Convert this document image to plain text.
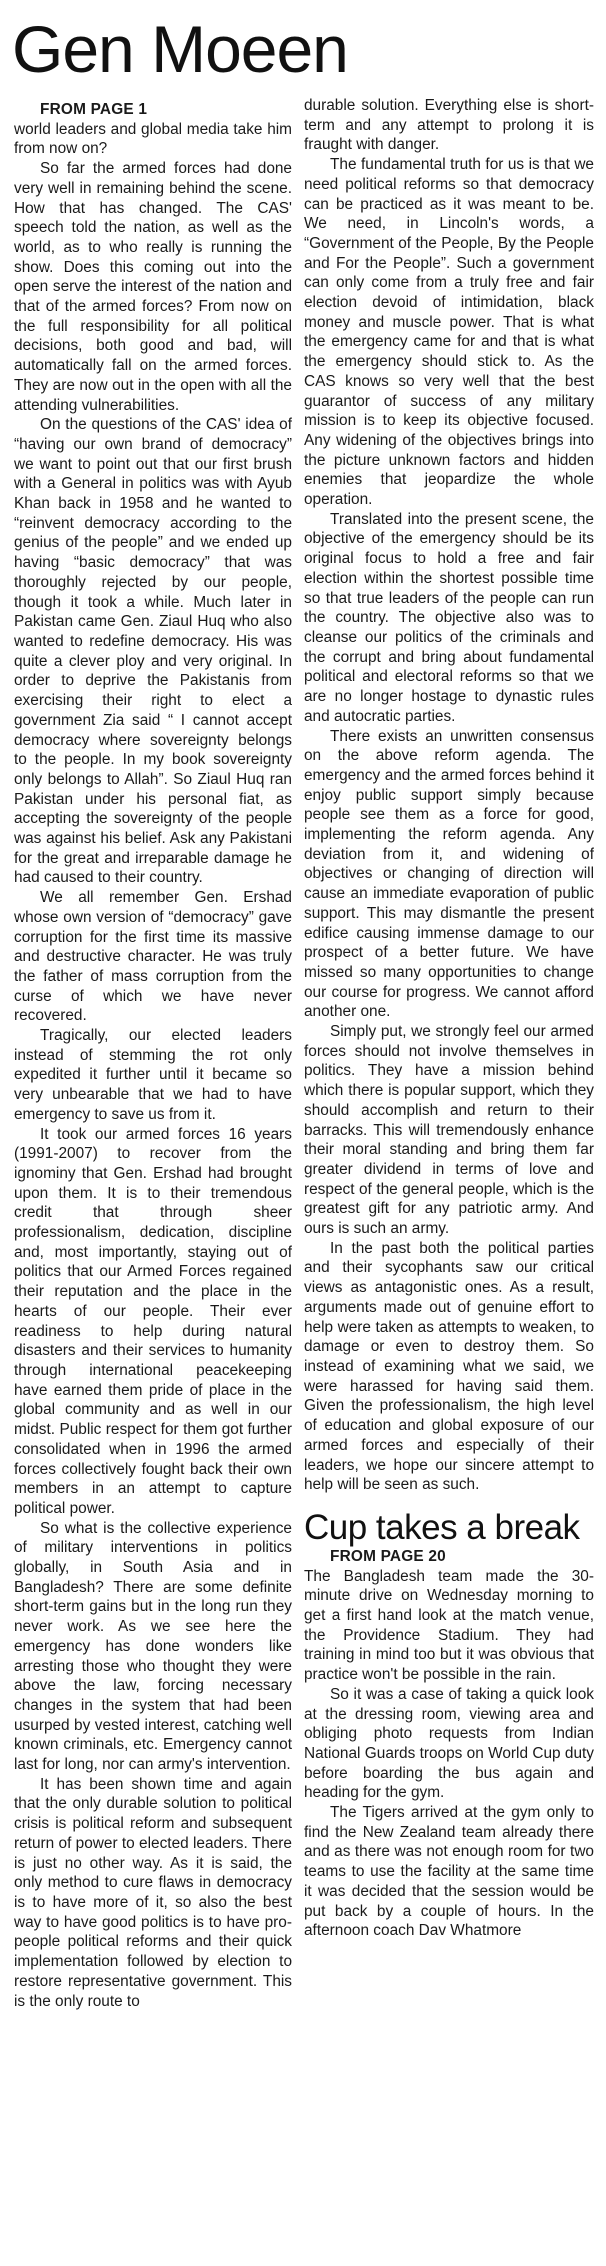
Gen Moeen

FROM PAGE 1

world leaders and global media take him from now on?

So far the armed forces had done very well in remaining behind the scene. How that has changed. The CAS' speech told the nation, as well as the world, as to who really is running the show. Does this coming out into the open serve the interest of the nation and that of the armed forces? From now on the full responsibility for all political decisions, both good and bad, will automatically fall on the armed forces. They are now out in the open with all the attending vulnerabilities.

On the questions of the CAS' idea of “having our own brand of democracy” we want to point out that our first brush with a General in politics was with Ayub Khan back in 1958 and he wanted to “reinvent democracy according to the genius of the people” and we ended up having “basic democracy” that was thoroughly rejected by our people, though it took a while. Much later in Pakistan came Gen. Ziaul Huq who also wanted to redefine democracy. His was quite a clever ploy and very original. In order to deprive the Pakistanis from exercising their right to elect a government Zia said “ I cannot accept democracy where sovereignty belongs to the people. In my book sovereignty only belongs to Allah”. So Ziaul Huq ran Pakistan under his personal fiat, as accepting the sovereignty of the people was against his belief. Ask any Pakistani for the great and irreparable damage he had caused to their country.

We all remember Gen. Ershad whose own version of “democracy” gave corruption for the first time its massive and destructive character. He was truly the father of mass corruption from the curse of which we have never recovered.

Tragically, our elected leaders instead of stemming the rot only expedited it further until it became so very unbearable that we had to have emergency to save us from it.

It took our armed forces 16 years (1991-2007) to recover from the ignominy that Gen. Ershad had brought upon them. It is to their tremendous credit that through sheer professionalism, dedication, discipline and, most importantly, staying out of politics that our Armed Forces regained their reputation and the place in the hearts of our people. Their ever readiness to help during natural disasters and their services to humanity through international peacekeeping have earned them pride of place in the global community and as well in our midst. Public respect for them got further consolidated when in 1996 the armed forces collectively fought back their own members in an attempt to capture political power.

So what is the collective experience of military interventions in politics globally, in South Asia and in Bangladesh? There are some definite short-term gains but in the long run they never work. As we see here the emergency has done wonders like arresting those who thought they were above the law, forcing necessary changes in the system that had been usurped by vested interest, catching well known criminals, etc. Emergency cannot last for long, nor can army's intervention.

It has been shown time and again that the only durable solution to political crisis is political reform and subsequent return of power to elected leaders. There is just no other way. As it is said, the only method to cure flaws in democracy is to have more of it, so also the best way to have good politics is to have pro-people political reforms and their quick implementation followed by election to restore representative government. This is the only route to

durable solution. Everything else is short-term and any attempt to prolong it is fraught with danger.

The fundamental truth for us is that we need political reforms so that democracy can be practiced as it was meant to be. We need, in Lincoln's words, a “Government of the People, By the People and For the People”. Such a government can only come from a truly free and fair election devoid of intimidation, black money and muscle power. That is what the emergency came for and that is what the emergency should stick to. As the CAS knows so very well that the best guarantor of success of any military mission is to keep its objective focused. Any widening of the objectives brings into the picture unknown factors and hidden enemies that jeopardize the whole operation.

Translated into the present scene, the objective of the emergency should be its original focus to hold a free and fair election within the shortest possible time so that true leaders of the people can run the country. The objective also was to cleanse our politics of the criminals and the corrupt and bring about fundamental political and electoral reforms so that we are no longer hostage to dynastic rules and autocratic parties.

There exists an unwritten consensus on the above reform agenda. The emergency and the armed forces behind it enjoy public support simply because people see them as a force for good, implementing the reform agenda. Any deviation from it, and widening of objectives or changing of direction will cause an immediate evaporation of public support. This may dismantle the present edifice causing immense damage to our prospect of a better future. We have missed so many opportunities to change our course for progress. We cannot afford another one.

Simply put, we strongly feel our armed forces should not involve themselves in politics. They have a mission behind which there is popular support, which they should accomplish and return to their barracks. This will tremendously enhance their moral standing and bring them far greater dividend in terms of love and respect of the general people, which is the greatest gift for any patriotic army. And ours is such an army.

In the past both the political parties and their sycophants saw our critical views as antagonistic ones. As a result, arguments made out of genuine effort to help were taken as attempts to weaken, to damage or even to destroy them. So instead of examining what we said, we were harassed for having said them. Given the professionalism, the high level of education and global exposure of our armed forces and especially of their leaders, we hope our sincere attempt to help will be seen as such.

Cup takes a break

FROM PAGE 20

The Bangladesh team made the 30-minute drive on Wednesday morning to get a first hand look at the match venue, the Providence Stadium. They had training in mind too but it was obvious that practice won't be possible in the rain.

So it was a case of taking a quick look at the dressing room, viewing area and obliging photo requests from Indian National Guards troops on World Cup duty before boarding the bus again and heading for the gym.

The Tigers arrived at the gym only to find the New Zealand team already there and as there was not enough room for two teams to use the facility at the same time it was decided that the session would be put back by a couple of hours. In the afternoon coach Dav Whatmore
